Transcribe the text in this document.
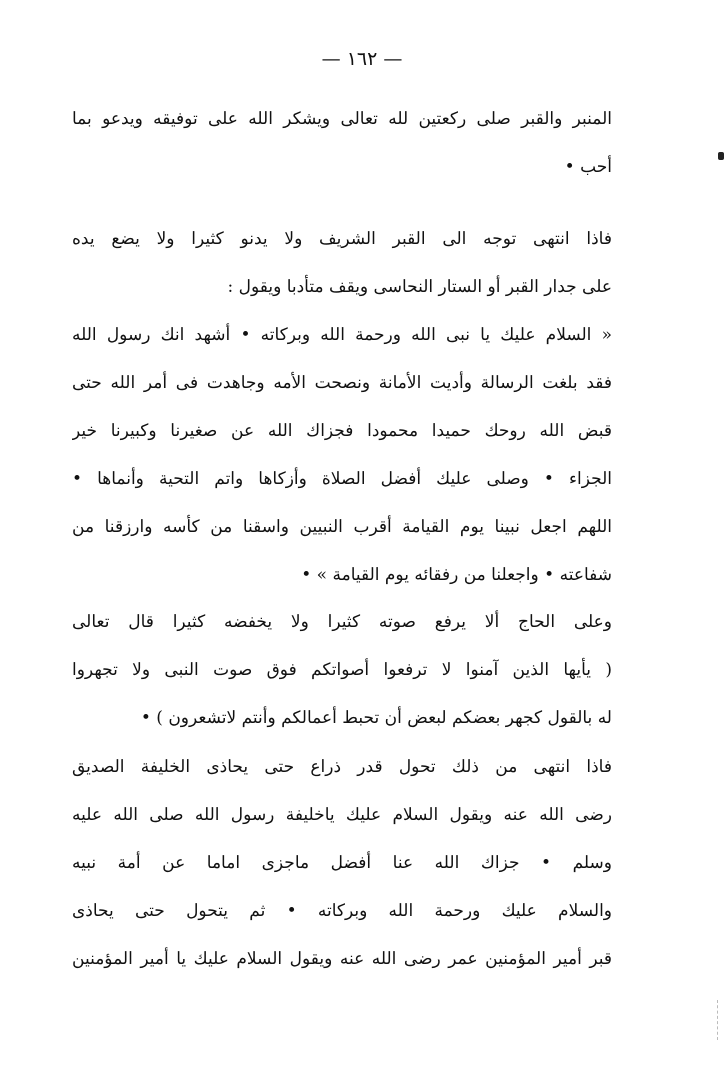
— ١٦٢ —
المنبر والقبر صلى ركعتين لله تعالى ويشكر الله على توفيقه ويدعو بما
أحب •
فاذا انتهى توجه الى القبر الشريف ولا يدنو كثيرا ولا يضع يده
على جدار القبر أو الستار النحاسى ويقف متأدبا ويقول :
« السلام عليك يا نبى الله ورحمة الله وبركاته • أشهد انك رسول الله
فقد بلغت الرسالة وأديت الأمانة ونصحت الأمه وجاهدت فى أمر الله حتى
قبض الله روحك حميدا محمودا فجزاك الله عن صغيرنا وكبيرنا خير
الجزاء • وصلى عليك أفضل الصلاة وأزكاها واتم التحية وأنماها •
اللهم اجعل نبينا يوم القيامة أقرب النبيين واسقنا من كأسه وارزقنا من
شفاعته • واجعلنا من رفقائه يوم القيامة » •
وعلى الحاج ألا يرفع صوته كثيرا ولا يخفضه كثيرا قال تعالى
( يأيها الذين آمنوا لا ترفعوا أصواتكم فوق صوت النبى ولا تجهروا
له بالقول كجهر بعضكم لبعض أن تحبط أعمالكم وأنتم لاتشعرون ) •
فاذا انتهى من ذلك تحول قدر ذراع حتى يحاذى الخليفة الصديق
رضى الله عنه ويقول السلام عليك ياخليفة رسول الله صلى الله عليه
وسلم • جزاك الله عنا أفضل ماجزى اماما عن أمة نبيه
والسلام عليك ورحمة الله وبركاته • ثم يتحول حتى يحاذى
قبر أمير المؤمنين عمر رضى الله عنه ويقول السلام عليك يا أمير المؤمنين
